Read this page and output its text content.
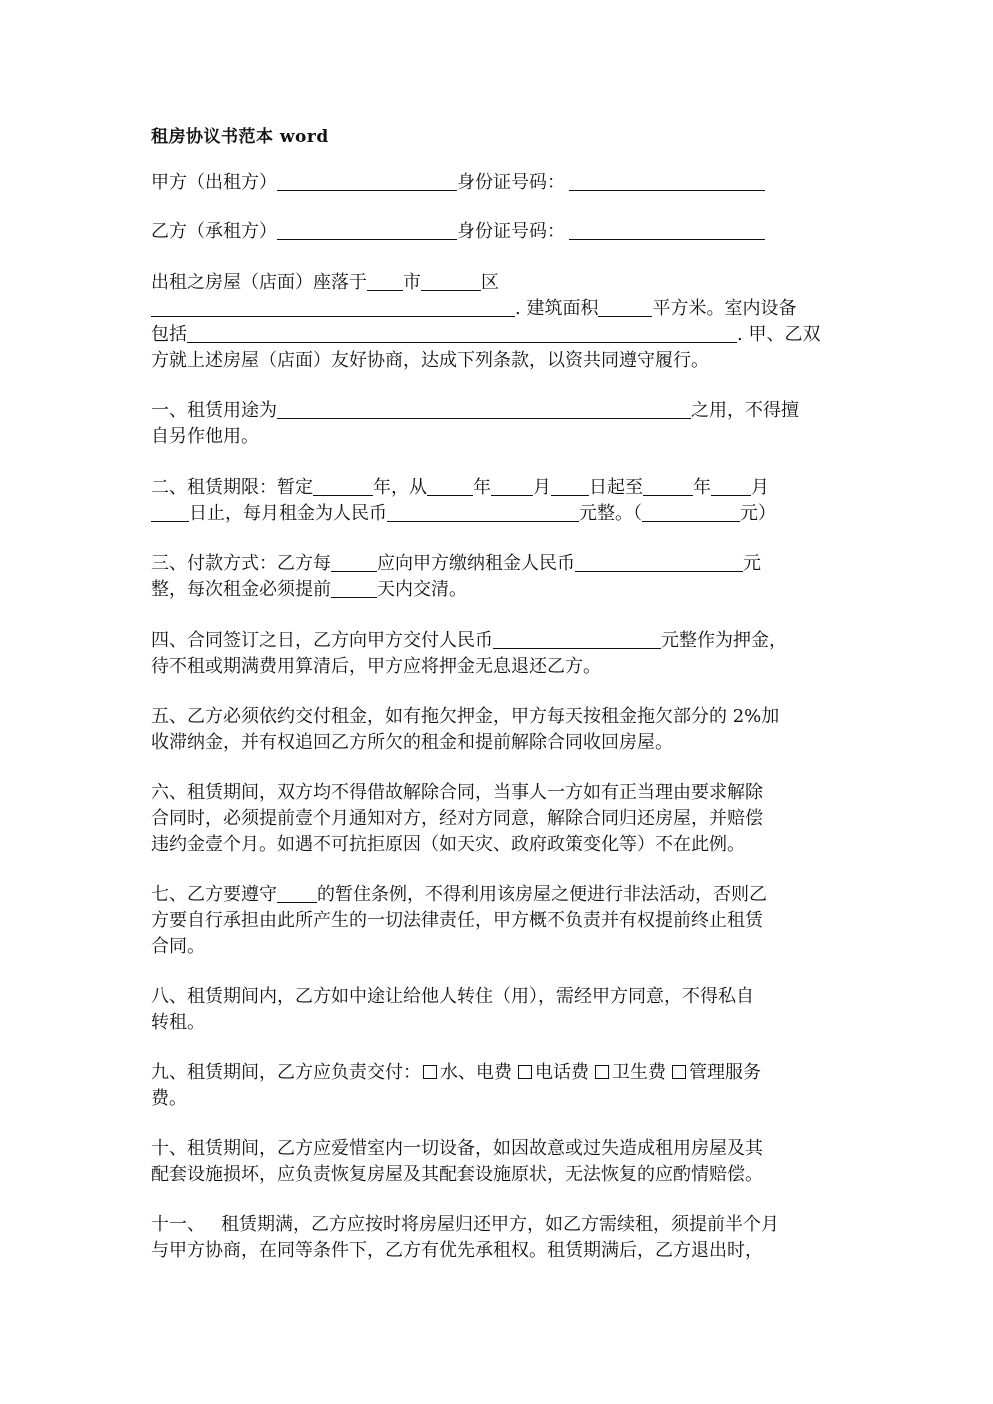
租房协议书范本 word
甲方（出租方）	身份证号码：
乙方（承租方）	身份证号码：
出租之房屋（店面）座落于 市	区
. 建筑面积	平方米。室内设备
包括	. 甲、乙双
方就上述房屋（店面）友好协商，达成下列条款，以资共同遵守履行。
一、租赁用途为	之用，不得擅
自另作他用。
二、租赁期限：暂定	年，从	年 月 日起至	年 月
日止，每月租金为人民币	元整。（	元）
三、付款方式：乙方每	应向甲方缴纳租金人民币	元
整，每次租金必须提前	天内交清。
四、合同签订之日，乙方向甲方交付人民币	元整作为押金，
待不租或期满费用算清后，甲方应将押金无息退还乙方。
五、乙方必须依约交付租金，如有拖欠押金，甲方每天按租金拖欠部分的 2%加
收滞纳金，并有权追回乙方所欠的租金和提前解除合同收回房屋。
六、租赁期间，双方均不得借故解除合同，当事人一方如有正当理由要求解除
合同时，必须提前壹个月通知对方，经对方同意，解除合同归还房屋，并赔偿
违约金壹个月。如遇不可抗拒原因（如天灾、政府政策变化等）不在此例。
七、乙方要遵守 的暂住条例，不得利用该房屋之便进行非法活动，否则乙
方要自行承担由此所产生的一切法律责任，甲方概不负责并有权提前终止租赁
合同。
八、租赁期间内，乙方如中途让给他人转住（用），需经甲方同意，不得私自
转租。
九、租赁期间，乙方应负责交付： 水、电费 电话费 卫生费 管理服务
费。
十、租赁期间，乙方应爱惜室内一切设备，如因故意或过失造成租用房屋及其
配套设施损坏，应负责恢复房屋及其配套设施原状，无法恢复的应酌情赔偿。
十一、 租赁期满，乙方应按时将房屋归还甲方，如乙方需续租，须提前半个月
与甲方协商，在同等条件下，乙方有优先承租权。租赁期满后，乙方退出时，
